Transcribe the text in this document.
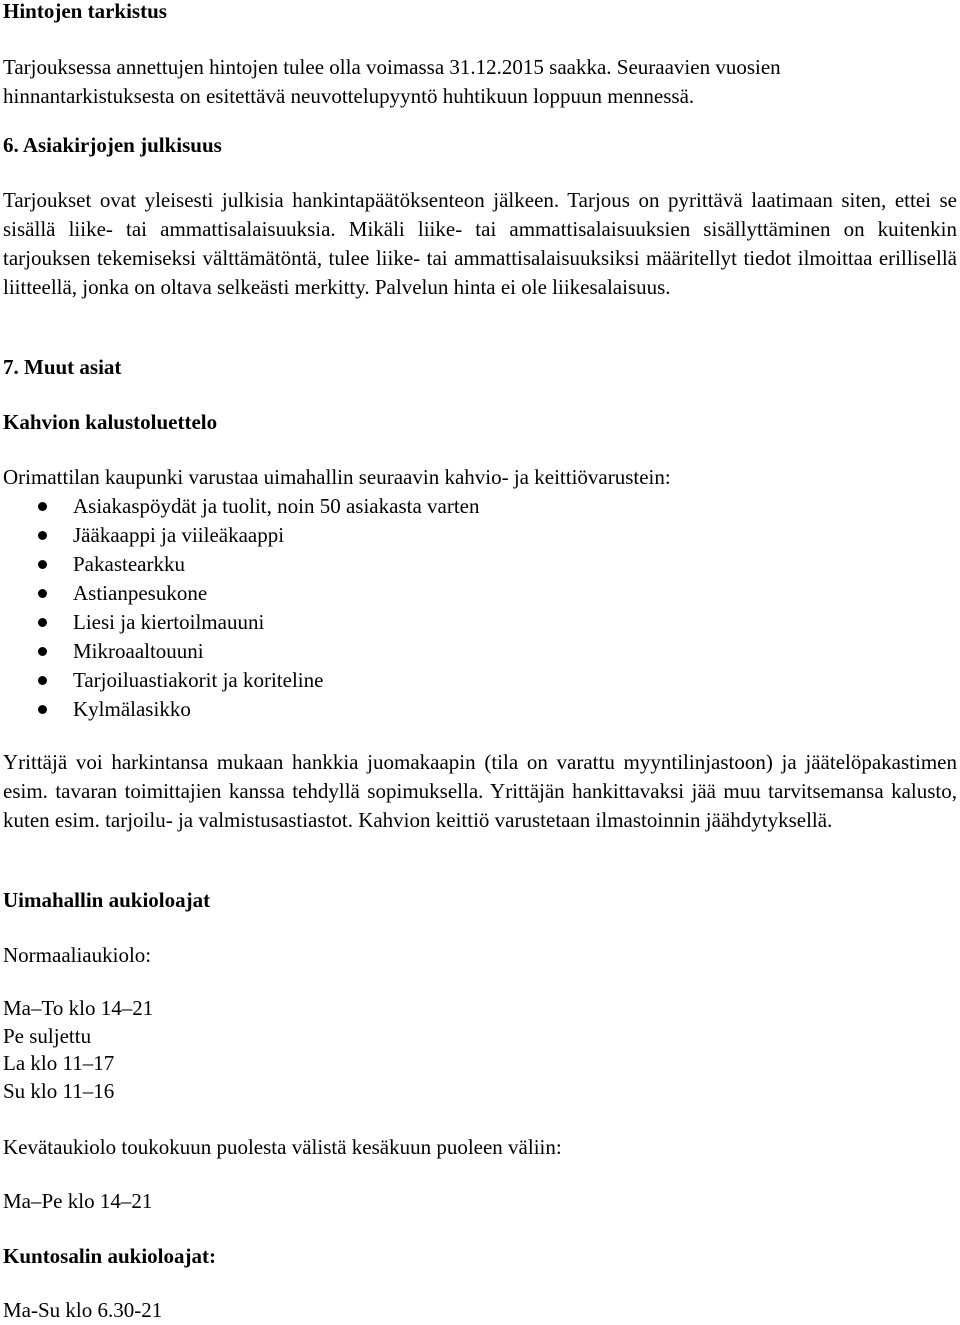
Hintojen tarkistus

Tarjouksessa annettujen hintojen tulee olla voimassa 31.12.2015 saakka. Seuraavien vuosien hinnantarkistuksesta on esitettävä neuvottelupyyntö huhtikuun loppuun mennessä.

6. Asiakirjojen julkisuus

Tarjoukset ovat yleisesti julkisia hankintapäätöksenteon jälkeen. Tarjous on pyrittävä laatimaan siten, ettei se sisällä liike- tai ammattisalaisuuksia. Mikäli liike- tai ammattisalaisuuksien sisällyttäminen on kuitenkin tarjouksen tekemiseksi välttämätöntä, tulee liike- tai ammattisalaisuuksiksi määritellyt tiedot ilmoittaa erillisellä liitteellä, jonka on oltava selkeästi merkitty. Palvelun hinta ei ole liikesalaisuus.

7. Muut asiat
Kahvion kalustoluettelo

Orimattilan kaupunki varustaa uimahallin seuraavin kahvio- ja keittiövarustein:

Asiakaspöydät ja tuolit, noin 50 asiakasta varten
Jääkaappi ja viileäkaappi
Pakastearkku
Astianpesukone
Liesi ja kiertoilmauuni
Mikroaaltouuni
Tarjoiluastiakorit ja koriteline
Kylmälasikko

Yrittäjä voi harkintansa mukaan hankkia juomakaapin (tila on varattu myyntilinjastoon) ja jäätelöpakastimen esim. tavaran toimittajien kanssa tehdyllä sopimuksella. Yrittäjän hankittavaksi jää muu tarvitsemansa kalusto, kuten esim. tarjoilu- ja valmistusastiastot. Kahvion keittiö varustetaan ilmastoinnin jäähdytyksellä.

Uimahallin aukioloajat

Normaaliaukiolo:

Ma–To klo 14–21
Pe suljettu
La klo 11–17
Su klo 11–16

Kevätaukiolo toukokuun puolesta välistä kesäkuun puoleen väliin:

Ma–Pe klo 14–21

Kuntosalin aukioloajat:

Ma-Su klo 6.30-21
